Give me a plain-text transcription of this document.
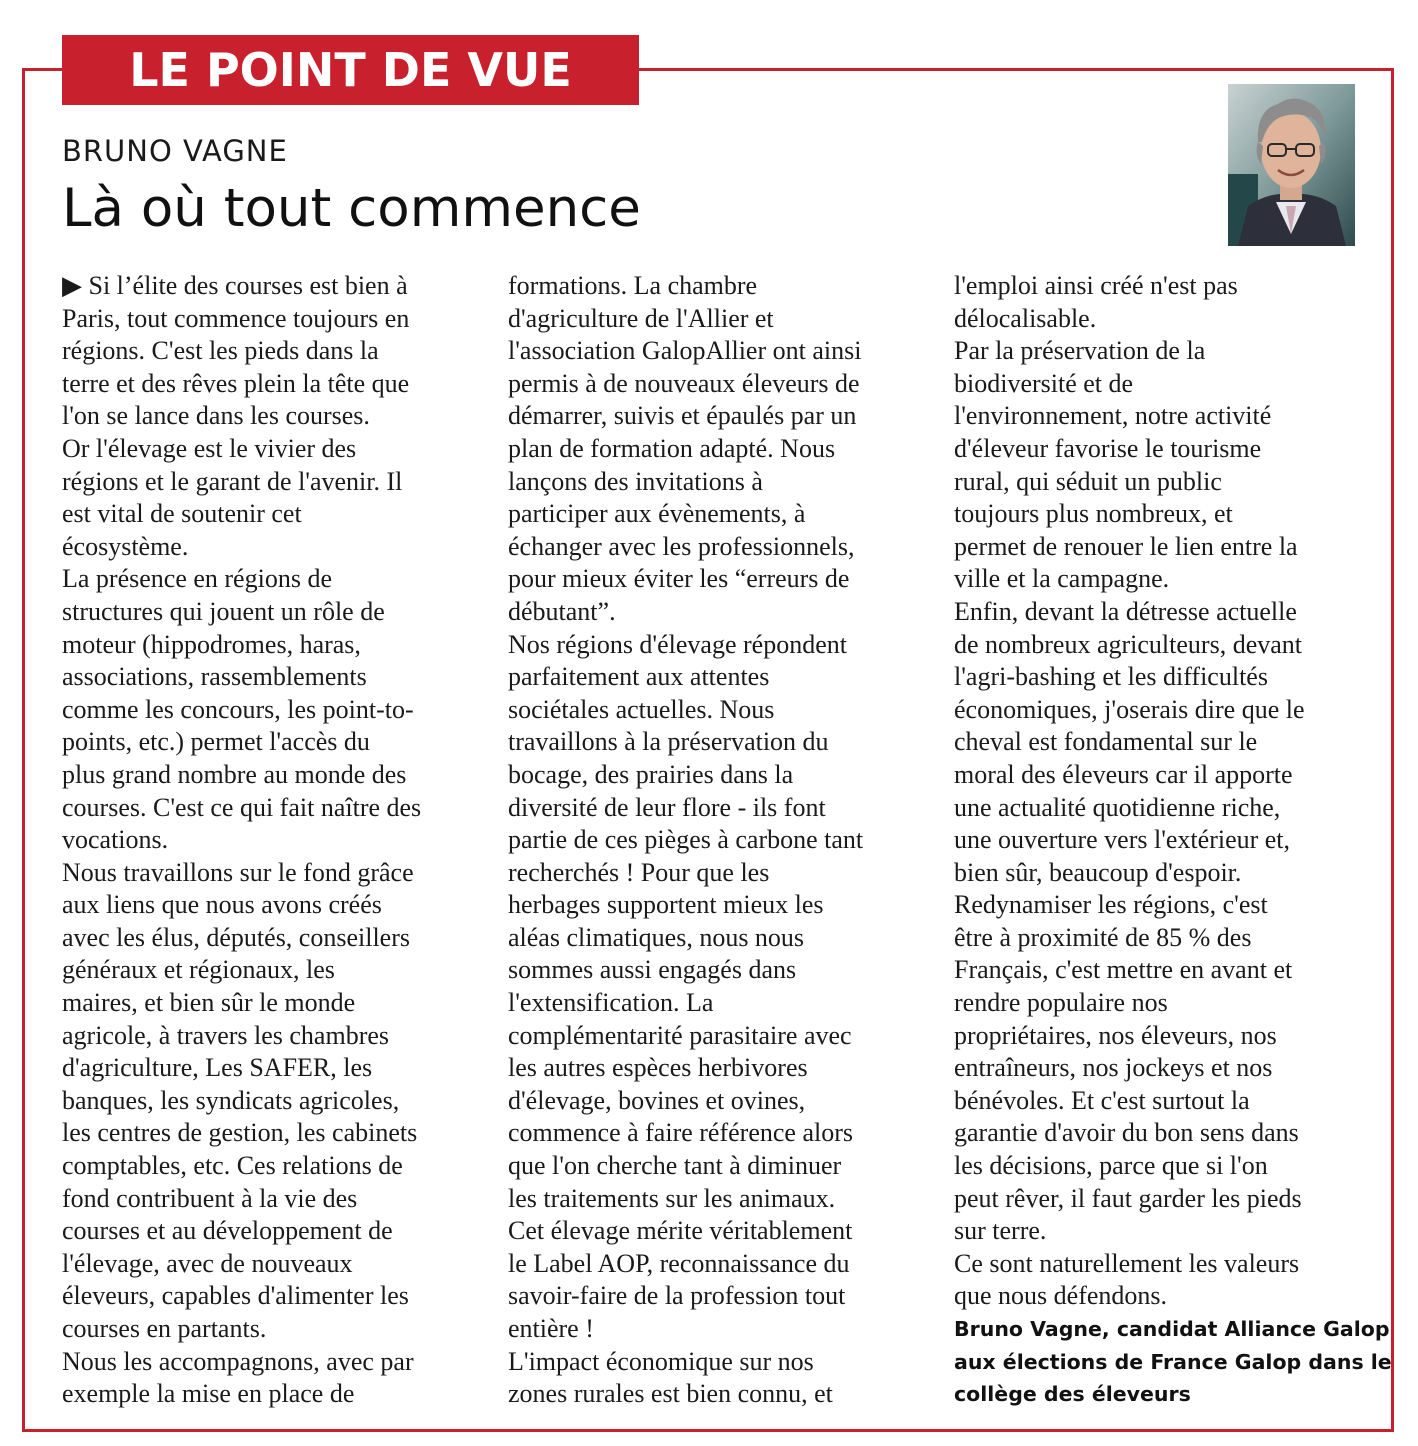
LE POINT DE VUE
BRUNO VAGNE
Là où tout commence

▶ Si l’élite des courses est bien à

Paris, tout commence toujours en

régions. C'est les pieds dans la

terre et des rêves plein la tête que

l'on se lance dans les courses.

Or l'élevage est le vivier des

régions et le garant de l'avenir. Il

est vital de soutenir cet

écosystème.

La présence en régions de

structures qui jouent un rôle de

moteur (hippodromes, haras,

associations, rassemblements

comme les concours, les point-to-

points, etc.) permet l'accès du

plus grand nombre au monde des

courses. C'est ce qui fait naître des

vocations.

Nous travaillons sur le fond grâce

aux liens que nous avons créés

avec les élus, députés, conseillers

généraux et régionaux, les

maires, et bien sûr le monde

agricole, à travers les chambres

d'agriculture, Les SAFER, les

banques, les syndicats agricoles,

les centres de gestion, les cabinets

comptables, etc. Ces relations de

fond contribuent à la vie des

courses et au développement de

l'élevage, avec de nouveaux

éleveurs, capables d'alimenter les

courses en partants.

Nous les accompagnons, avec par

exemple la mise en place de

formations. La chambre

d'agriculture de l'Allier et

l'association GalopAllier ont ainsi

permis à de nouveaux éleveurs de

démarrer, suivis et épaulés par un

plan de formation adapté. Nous

lançons des invitations à

participer aux évènements, à

échanger avec les professionnels,

pour mieux éviter les “erreurs de

débutant”.

Nos régions d'élevage répondent

parfaitement aux attentes

sociétales actuelles. Nous

travaillons à la préservation du

bocage, des prairies dans la

diversité de leur flore - ils font

partie de ces pièges à carbone tant

recherchés ! Pour que les

herbages supportent mieux les

aléas climatiques, nous nous

sommes aussi engagés dans

l'extensification. La

complémentarité parasitaire avec

les autres espèces herbivores

d'élevage, bovines et ovines,

commence à faire référence alors

que l'on cherche tant à diminuer

les traitements sur les animaux.

Cet élevage mérite véritablement

le Label AOP, reconnaissance du

savoir-faire de la profession tout

entière !

L'impact économique sur nos

zones rurales est bien connu, et

l'emploi ainsi créé n'est pas

délocalisable.

Par la préservation de la

biodiversité et de

l'environnement, notre activité

d'éleveur favorise le tourisme

rural, qui séduit un public

toujours plus nombreux, et

permet de renouer le lien entre la

ville et la campagne.

Enfin, devant la détresse actuelle

de nombreux agriculteurs, devant

l'agri-bashing et les difficultés

économiques, j'oserais dire que le

cheval est fondamental sur le

moral des éleveurs car il apporte

une actualité quotidienne riche,

une ouverture vers l'extérieur et,

bien sûr, beaucoup d'espoir.

Redynamiser les régions, c'est

être à proximité de 85 % des

Français, c'est mettre en avant et

rendre populaire nos

propriétaires, nos éleveurs, nos

entraîneurs, nos jockeys et nos

bénévoles. Et c'est surtout la

garantie d'avoir du bon sens dans

les décisions, parce que si l'on

peut rêver, il faut garder les pieds

sur terre.

Ce sont naturellement les valeurs

que nous défendons.

Bruno Vagne, candidat Alliance Galop
aux élections de France Galop dans le
collège des éleveurs
